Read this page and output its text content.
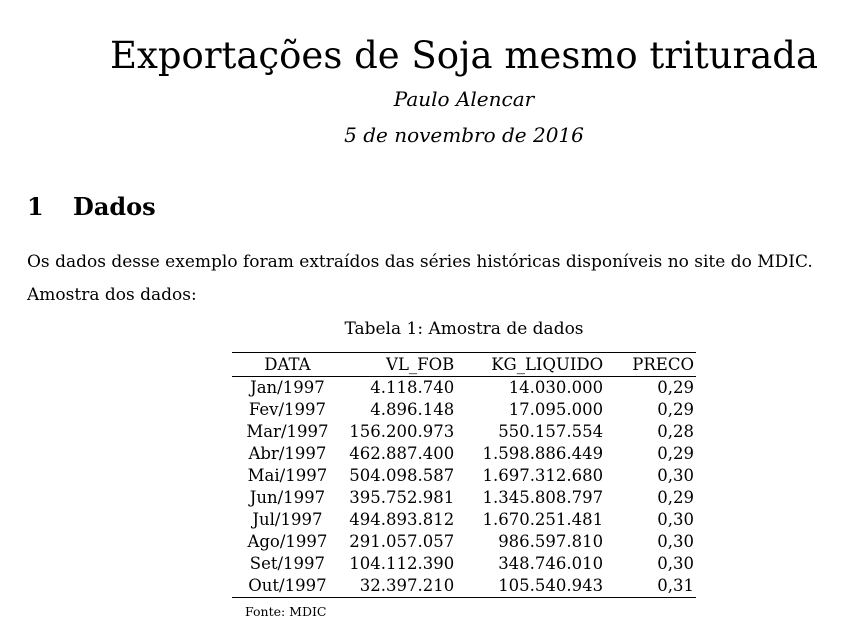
Exportações de Soja mesmo triturada
Paulo Alencar
5 de novembro de 2016
1 Dados
Os dados desse exemplo foram extraídos das séries históricas disponíveis no site do MDIC.
Amostra dos dados:
Tabela 1: Amostra de dados
DATA	VL_FOB	KG_LIQUIDO	PRECO
Jan/1997	4.118.740	14.030.000	0,29
Fev/1997	4.896.148	17.095.000	0,29
Mar/1997	156.200.973	550.157.554	0,28
Abr/1997	462.887.400	1.598.886.449	0,29
Mai/1997	504.098.587	1.697.312.680	0,30
Jun/1997	395.752.981	1.345.808.797	0,29
Jul/1997	494.893.812	1.670.251.481	0,30
Ago/1997	291.057.057	986.597.810	0,30
Set/1997	104.112.390	348.746.010	0,30
Out/1997	32.397.210	105.540.943	0,31
Fonte: MDIC
